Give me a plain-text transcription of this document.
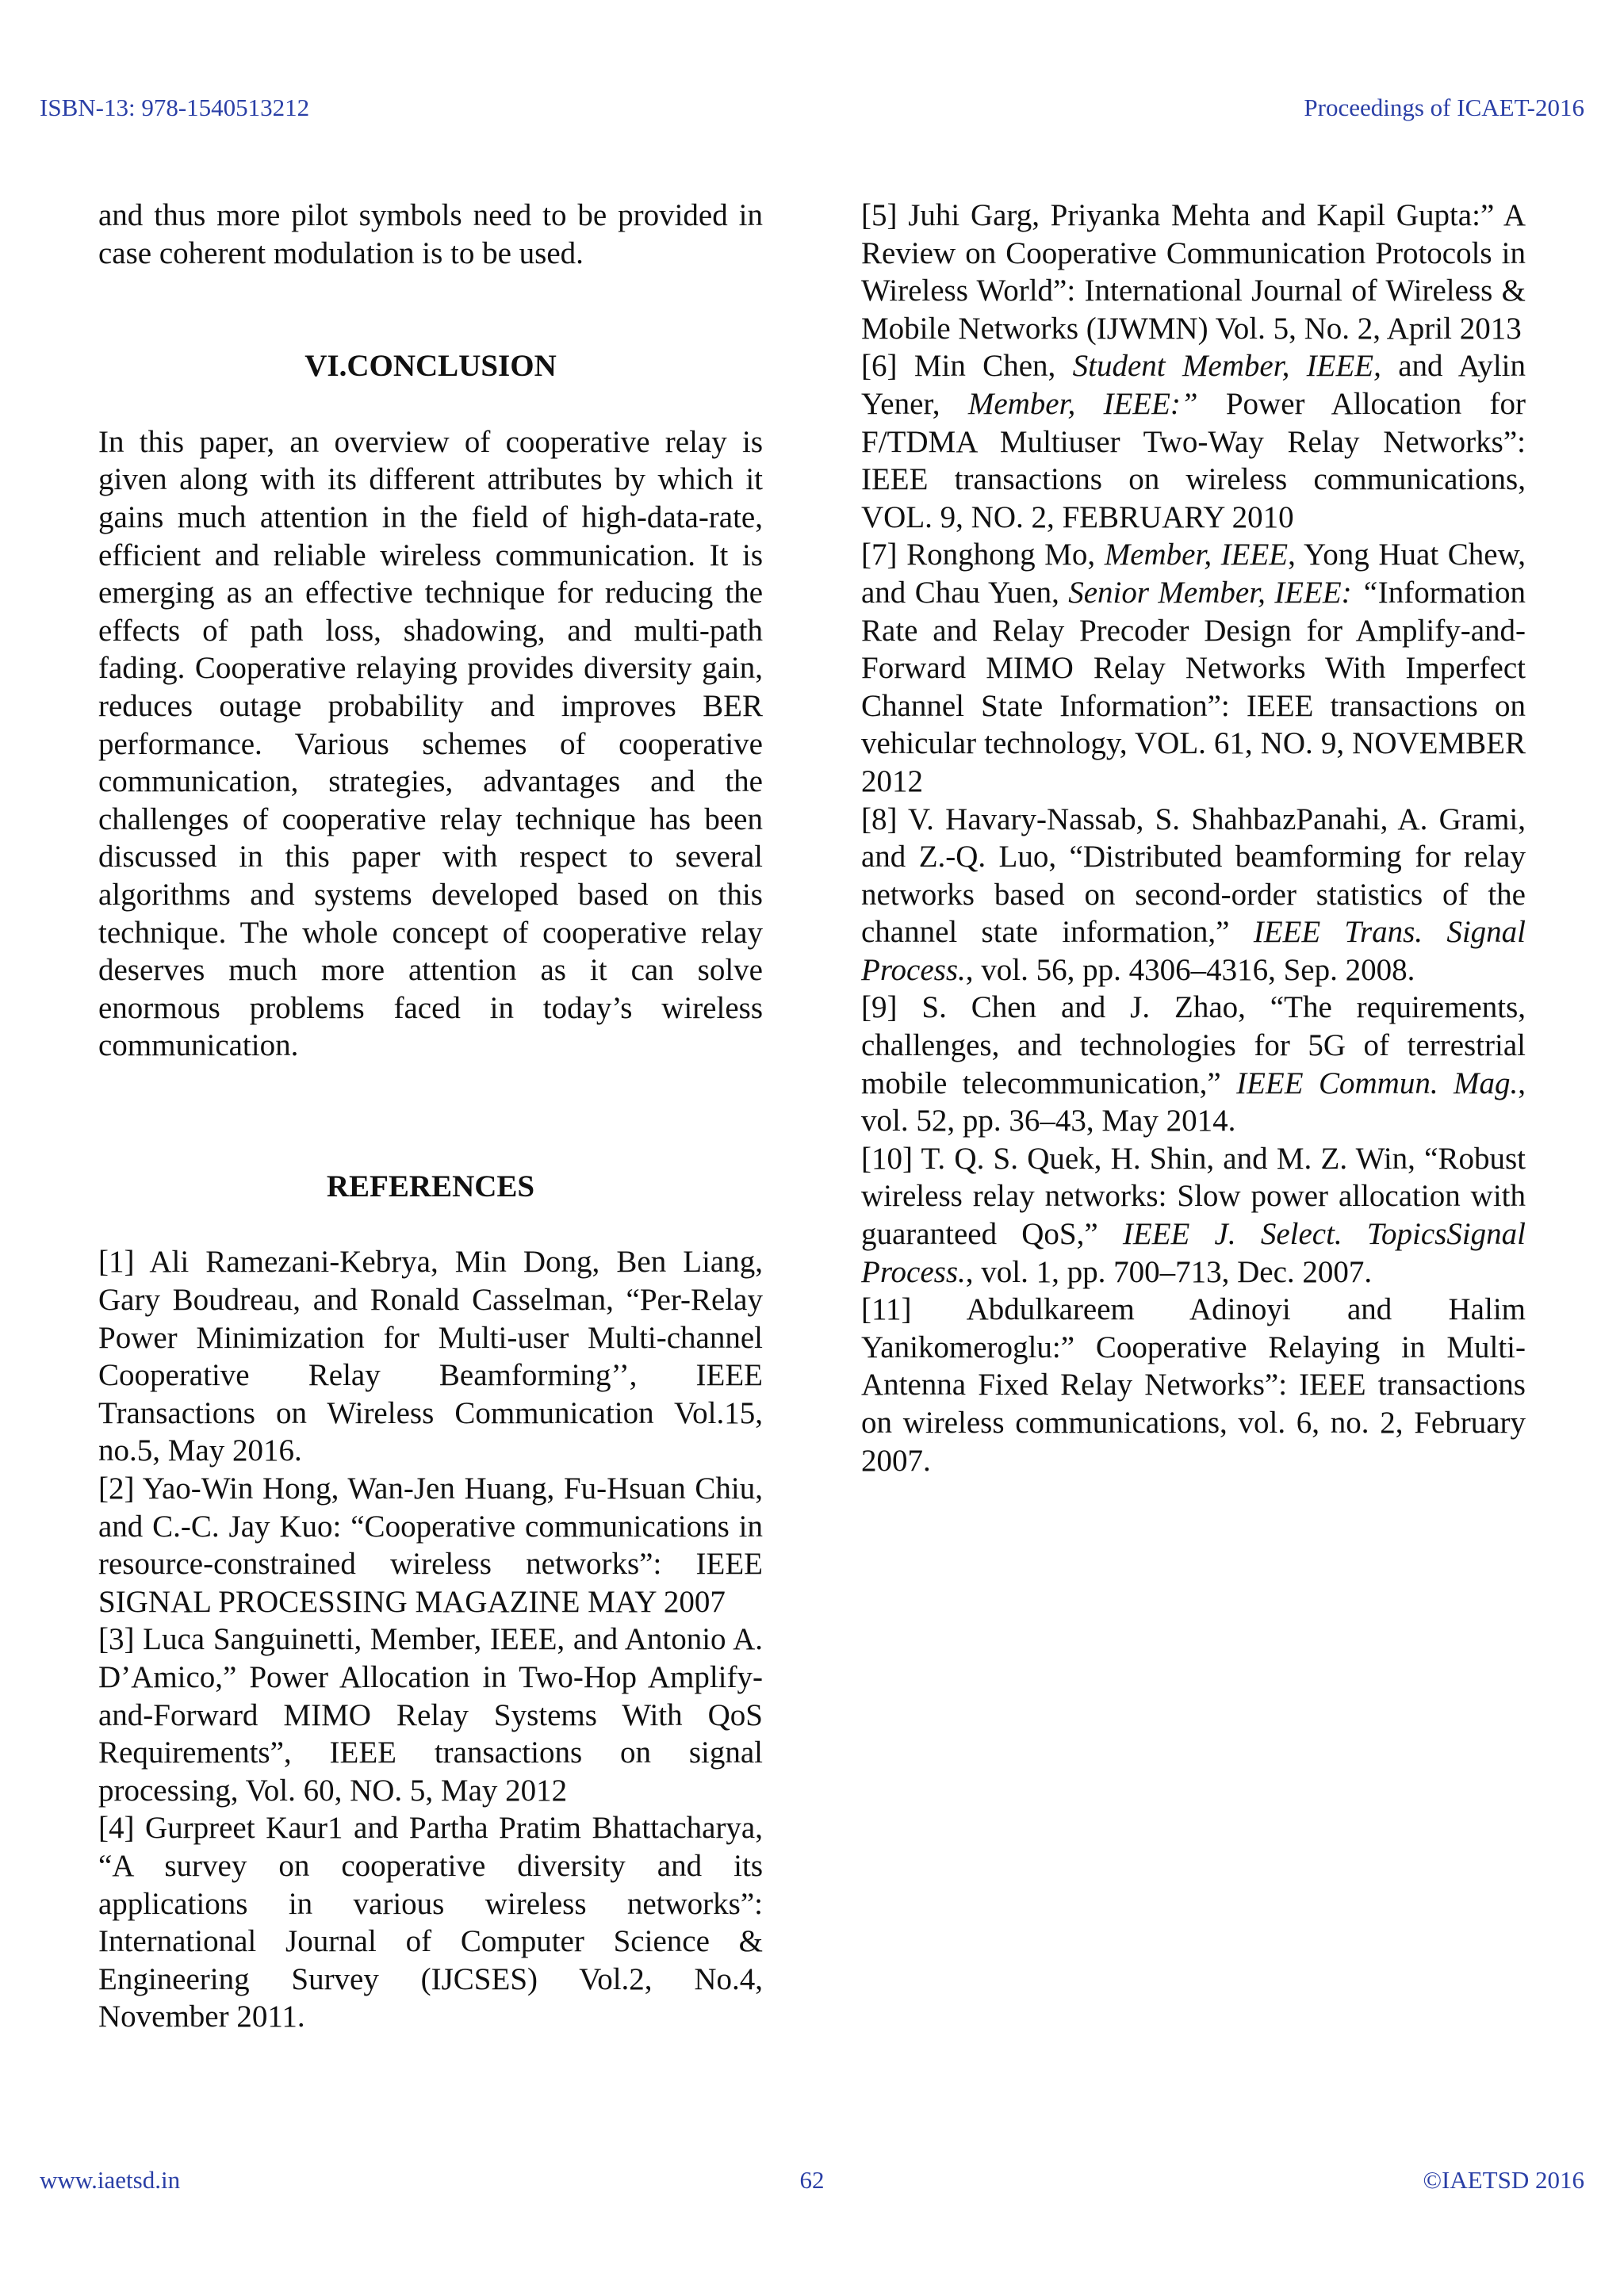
ISBN-13: 978-1540513212	Proceedings of ICAET-2016

and thus more pilot symbols need to be provided in case coherent modulation is to be used.

VI.CONCLUSION

In this paper, an overview of cooperative relay is given along with its different attributes by which it gains much attention in the field of high-data-rate, efficient and reliable wireless communication. It is emerging as an effective technique for reducing the effects of path loss, shadowing, and multi-path fading. Cooperative relaying provides diversity gain, reduces outage probability and improves BER performance. Various schemes of cooperative communication, strategies, advantages and the challenges of cooperative relay technique has been discussed in this paper with respect to several algorithms and systems developed based on this technique. The whole concept of cooperative relay deserves much more attention as it can solve enormous problems faced in today’s wireless communication.

REFERENCES

[1] Ali Ramezani-Kebrya, Min Dong, Ben Liang, Gary Boudreau, and Ronald Casselman, “Per-Relay Power Minimization for Multi-user Multi-channel Cooperative Relay Beamforming’’, IEEE Transactions on Wireless Communication Vol.15, no.5, May 2016.

[2] Yao-Win Hong, Wan-Jen Huang, Fu-Hsuan Chiu, and C.-C. Jay Kuo: “Cooperative communications in resource-constrained wireless networks”: IEEE SIGNAL PROCESSING MAGAZINE MAY 2007

[3] Luca Sanguinetti, Member, IEEE, and Antonio A. D’Amico,” Power Allocation in Two-Hop Amplify-and-Forward MIMO Relay Systems With QoS Requirements”, IEEE transactions on signal processing, Vol. 60, NO. 5, May 2012

[4] Gurpreet Kaur1 and Partha Pratim Bhattacharya, “A survey on cooperative diversity and its applications in various wireless networks”: International Journal of Computer Science & Engineering Survey (IJCSES) Vol.2, No.4, November 2011.

[5] Juhi Garg, Priyanka Mehta and Kapil Gupta:” A Review on Cooperative Communication Protocols in Wireless World”: International Journal of Wireless & Mobile Networks (IJWMN) Vol. 5, No. 2, April 2013

[6] Min Chen, Student Member, IEEE, and Aylin Yener, Member, IEEE:” Power Allocation for F/TDMA Multiuser Two-Way Relay Networks”: IEEE transactions on wireless communications, VOL. 9, NO. 2, FEBRUARY 2010

[7] Ronghong Mo, Member, IEEE, Yong Huat Chew, and Chau Yuen, Senior Member, IEEE: “Information Rate and Relay Precoder Design for Amplify-and-Forward MIMO Relay Networks With Imperfect Channel State Information”: IEEE transactions on vehicular technology, VOL. 61, NO. 9, NOVEMBER 2012

[8] V. Havary-Nassab, S. ShahbazPanahi, A. Grami, and Z.-Q. Luo, “Distributed beamforming for relay networks based on second-order statistics of the channel state information,” IEEE Trans. Signal Process., vol. 56, pp. 4306–4316, Sep. 2008.

[9] S. Chen and J. Zhao, “The requirements, challenges, and technologies for 5G of terrestrial mobile telecommunication,” IEEE Commun. Mag., vol. 52, pp. 36–43, May 2014.

[10] T. Q. S. Quek, H. Shin, and M. Z. Win, “Robust wireless relay networks: Slow power allocation with guaranteed QoS,” IEEE J. Select. TopicsSignal Process., vol. 1, pp. 700–713, Dec. 2007.

[11] Abdulkareem Adinoyi and Halim Yanikomeroglu:” Cooperative Relaying in Multi-Antenna Fixed Relay Networks”: IEEE transactions on wireless communications, vol. 6, no. 2, February 2007.

www.iaetsd.in	62	©IAETSD 2016
